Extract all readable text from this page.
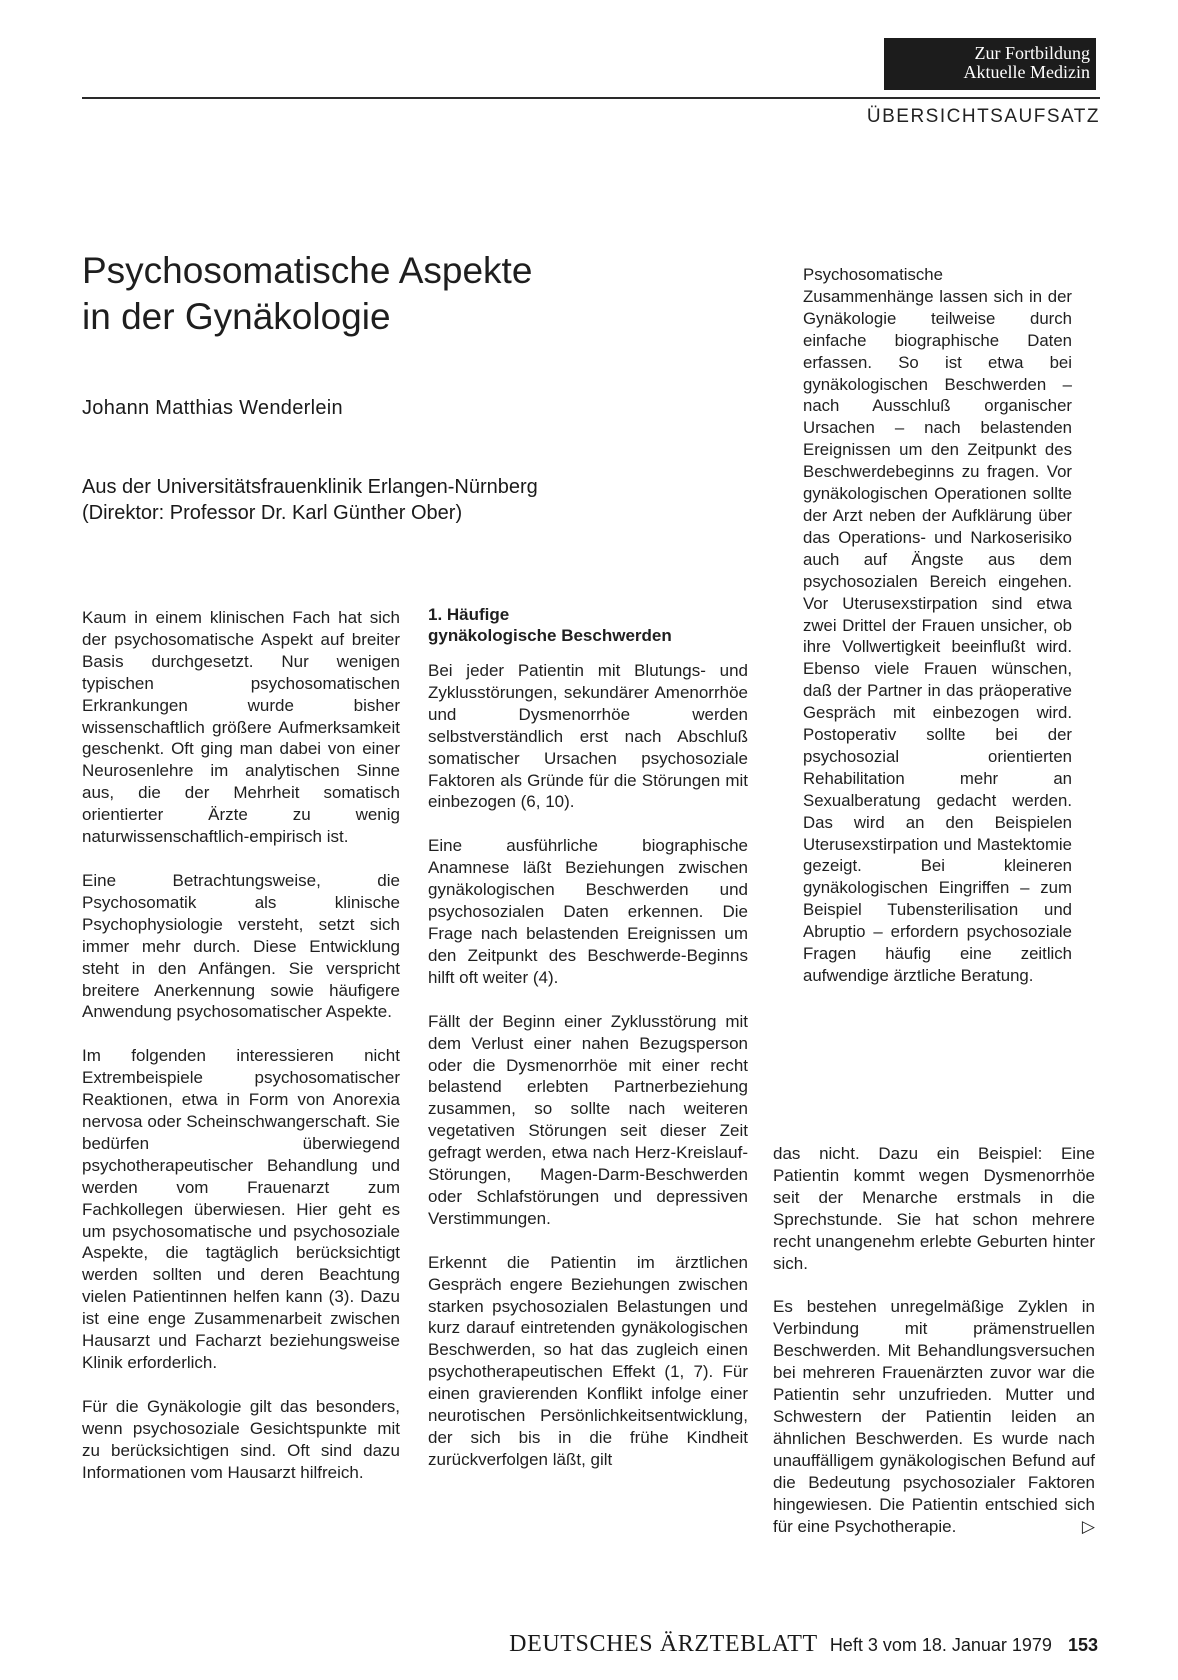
Zur Fortbildung
Aktuelle Medizin
ÜBERSICHTSAUFSATZ
Psychosomatische Aspekte
in der Gynäkologie
Johann Matthias Wenderlein
Aus der Universitätsfrauenklinik Erlangen-Nürnberg
(Direktor: Professor Dr. Karl Günther Ober)

Kaum in einem klinischen Fach hat sich der psychosomatische Aspekt auf breiter Basis durchgesetzt. Nur wenigen typischen psychosomatischen Erkrankungen wurde bisher wissenschaftlich größere Aufmerksamkeit geschenkt. Oft ging man dabei von einer Neurosenlehre im analytischen Sinne aus, die der Mehrheit somatisch orientierter Ärzte zu wenig naturwissenschaftlich-empirisch ist.

Eine Betrachtungsweise, die Psychosomatik als klinische Psychophysiologie versteht, setzt sich immer mehr durch. Diese Entwicklung steht in den Anfängen. Sie verspricht breitere Anerkennung sowie häufigere Anwendung psychosomatischer Aspekte.

Im folgenden interessieren nicht Extrembeispiele psychosomatischer Reaktionen, etwa in Form von Anorexia nervosa oder Scheinschwangerschaft. Sie bedürfen überwiegend psychotherapeutischer Behandlung und werden vom Frauenarzt zum Fachkollegen überwiesen. Hier geht es um psychosomatische und psychosoziale Aspekte, die tagtäglich berücksichtigt werden sollten und deren Beachtung vielen Patientinnen helfen kann (3). Dazu ist eine enge Zusammenarbeit zwischen Hausarzt und Facharzt beziehungsweise Klinik erforderlich.

Für die Gynäkologie gilt das besonders, wenn psychosoziale Gesichtspunkte mit zu berücksichtigen sind. Oft sind dazu Informationen vom Hausarzt hilfreich.

1. Häufige
gynäkologische Beschwerden

Bei jeder Patientin mit Blutungs- und Zyklusstörungen, sekundärer Amenorrhöe und Dysmenorrhöe werden selbstverständlich erst nach Abschluß somatischer Ursachen psychosoziale Faktoren als Gründe für die Störungen mit einbezogen (6, 10).

Eine ausführliche biographische Anamnese läßt Beziehungen zwischen gynäkologischen Beschwerden und psychosozialen Daten erkennen. Die Frage nach belastenden Ereignissen um den Zeitpunkt des Beschwerde-Beginns hilft oft weiter (4).

Fällt der Beginn einer Zyklusstörung mit dem Verlust einer nahen Bezugsperson oder die Dysmenorrhöe mit einer recht belastend erlebten Partnerbeziehung zusammen, so sollte nach weiteren vegetativen Störungen seit dieser Zeit gefragt werden, etwa nach Herz-Kreislauf-Störungen, Magen-Darm-Beschwerden oder Schlafstörungen und depressiven Verstimmungen.

Erkennt die Patientin im ärztlichen Gespräch engere Beziehungen zwischen starken psychosozialen Belastungen und kurz darauf eintretenden gynäkologischen Beschwerden, so hat das zugleich einen psychotherapeutischen Effekt (1, 7). Für einen gravierenden Konflikt infolge einer neurotischen Persönlichkeitsentwicklung, der sich bis in die frühe Kindheit zurückverfolgen läßt, gilt

Psychosomatische Zusammenhänge lassen sich in der Gynäkologie teilweise durch einfache biographische Daten erfassen. So ist etwa bei gynäkologischen Beschwerden – nach Ausschluß organischer Ursachen – nach belastenden Ereignissen um den Zeitpunkt des Beschwerdebeginns zu fragen. Vor gynäkologischen Operationen sollte der Arzt neben der Aufklärung über das Operations- und Narkoserisiko auch auf Ängste aus dem psychosozialen Bereich eingehen. Vor Uterusexstirpation sind etwa zwei Drittel der Frauen unsicher, ob ihre Vollwertigkeit beeinflußt wird. Ebenso viele Frauen wünschen, daß der Partner in das präoperative Gespräch mit einbezogen wird. Postoperativ sollte bei der psychosozial orientierten Rehabilitation mehr an Sexualberatung gedacht werden. Das wird an den Beispielen Uterusexstirpation und Mastektomie gezeigt. Bei kleineren gynäkologischen Eingriffen – zum Beispiel Tubensterilisation und Abruptio – erfordern psychosoziale Fragen häufig eine zeitlich aufwendige ärztliche Beratung.

das nicht. Dazu ein Beispiel: Eine Patientin kommt wegen Dysmenorrhöe seit der Menarche erstmals in die Sprechstunde. Sie hat schon mehrere recht unangenehm erlebte Geburten hinter sich.

Es bestehen unregelmäßige Zyklen in Verbindung mit prämenstruellen Beschwerden. Mit Behandlungsversuchen bei mehreren Frauenärzten zuvor war die Patientin sehr unzufrieden. Mutter und Schwestern der Patientin leiden an ähnlichen Beschwerden. Es wurde nach unauffälligem gynäkologischen Befund auf die Bedeutung psychosozialer Faktoren hingewiesen. Die Patientin entschied sich für eine Psychotherapie.	▷

DEUTSCHES ÄRZTEBLATT Heft 3 vom 18. Januar 1979 153
